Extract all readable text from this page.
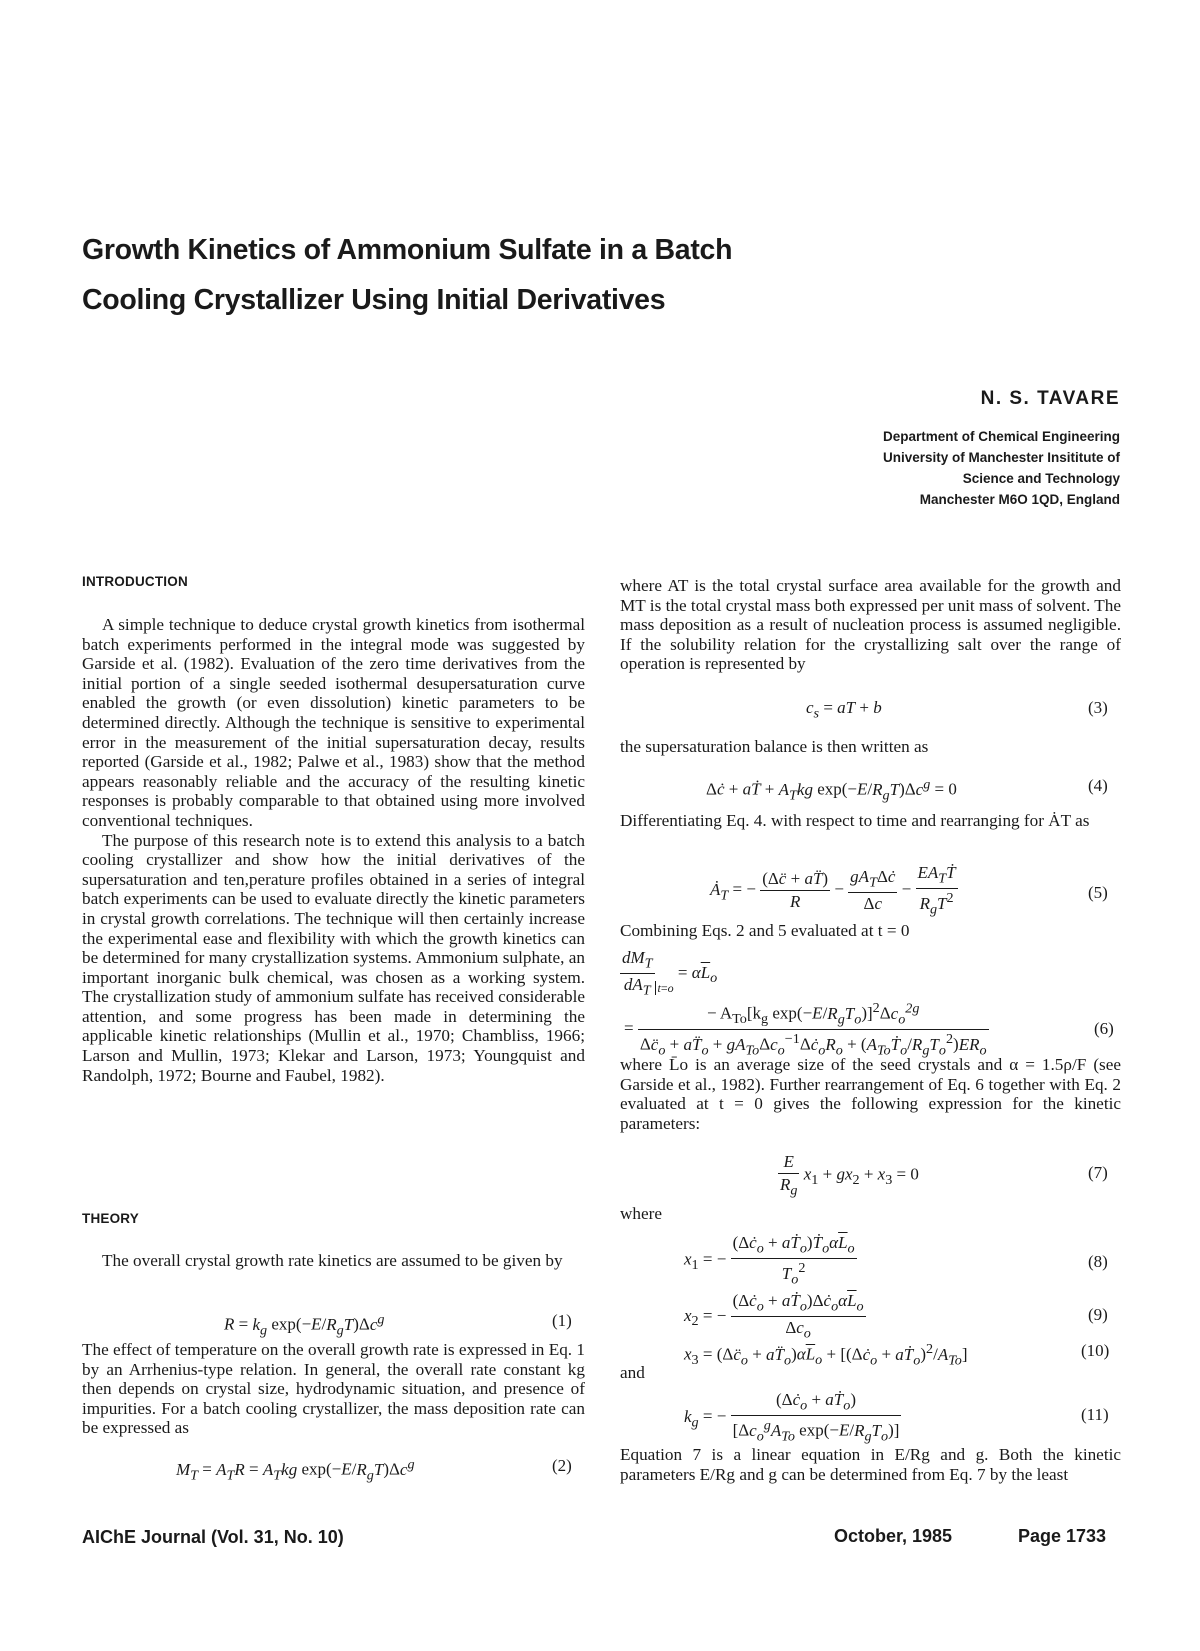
Growth Kinetics of Ammonium Sulfate in a Batch
Cooling Crystallizer Using Initial Derivatives
N. S. TAVARE
Department of Chemical Engineering
University of Manchester Insititute of
Science and Technology
Manchester M6O 1QD, England
INTRODUCTION

A simple technique to deduce crystal growth kinetics from isothermal batch experiments performed in the integral mode was suggested by Garside et al. (1982). Evaluation of the zero time derivatives from the initial portion of a single seeded isothermal desupersaturation curve enabled the growth (or even dissolution) kinetic parameters to be determined directly. Although the technique is sensitive to experimental error in the measurement of the initial supersaturation decay, results reported (Garside et al., 1982; Palwe et al., 1983) show that the method appears reasonably reliable and the accuracy of the resulting kinetic responses is probably comparable to that obtained using more involved conventional techniques.

The purpose of this research note is to extend this analysis to a batch cooling crystallizer and show how the initial derivatives of the supersaturation and ten,perature profiles obtained in a series of integral batch experiments can be used to evaluate directly the kinetic parameters in crystal growth correlations. The technique will then certainly increase the experimental ease and flexibility with which the growth kinetics can be determined for many crystallization systems. Ammonium sulphate, an important inorganic bulk chemical, was chosen as a working system. The crystallization study of ammonium sulfate has received considerable attention, and some progress has been made in determining the applicable kinetic relationships (Mullin et al., 1970; Chambliss, 1966; Larson and Mullin, 1973; Klekar and Larson, 1973; Youngquist and Randolph, 1972; Bourne and Faubel, 1982).

THEORY

The overall crystal growth rate kinetics are assumed to be given by

$R = k_g$ $\exp(-E/R_gT)\Delta c^g$	(1)

The effect of temperature on the overall growth rate is expressed in Eq. 1 by an Arrhenius-type relation. In general, the overall rate constant kg then depends on crystal size, hydrodynamic situation, and presence of impurities. For a batch cooling crystallizer, the mass deposition rate can be expressed as

$M_T = A_TR = A_Tkg$ $\exp(-E/R_gT)\Delta c^g$	(2)

where AT is the total crystal surface area available for the growth and MT is the total crystal mass both expressed per unit mass of solvent. The mass deposition as a result of nucleation process is assumed negligible. If the solubility relation for the crystallizing salt over the range of operation is represented by

$c_s$ = aT + b	(3)

the supersaturation balance is then written as

Δċ + aṪ + $A_Tkg$ $\exp(-E/R_gT)\Delta c^g = 0$	(4)

Differentiating Eq. 4. with respect to time and rearranging for ȦT as

$Ȧ_T$ = − $\frac{(\Delta c̈ + aT̈)}{R} - \frac{gA_T\Delta ċ}{\Delta c} - \frac{EA_TṪ}{R_gT^2}$	(5)

Combining Eqs. 2 and 5 evaluated at t = 0

$\frac{dM_T}{dA_T} _{t=o} = \alpha\overline{L}_o$
= $\frac{- A_{To}[k_g \exp(-E/R_gT_o)]^2\Delta c_o^{2g}}{\Delta c̈_o + aT̈_o + gA_{To}\Delta c_o^{-1}\Delta ċ_oR_o + (A_{To}Ṫ_o/R_gT_o^2)ER_o}$	(6)

where L̄o is an average size of the seed crystals and α = 1.5ρ/F (see Garside et al., 1982). Further rearrangement of Eq. 6 together with Eq. 2 evaluated at t = 0 gives the following expression for the kinetic parameters:

$\frac{E}{R_g} x_1 + gx_2 + x_3 = 0$	(7)

where

$x_1$ = − $\frac{(\Delta ċ_o + aṪ_o)Ṫ_o\alpha\overline{L}_o}{T_o^2}$	(8)
$x_2$ = − $\frac{(\Delta ċ_o + aṪ_o)\Delta ċ_o\alpha\overline{L}_o}{\Delta c_o}$	(9)
$x_3$ = ($\Delta c̈_o$ + $aT̈_o)\alpha\overline{L}_o$ + [($\Delta ċ_o$ + $aṪ_o)^2/A_{To}$]	(10)

and

$k_g$ = − $\frac{(\Delta ċ_o + aṪ_o)}{[\Delta c_o^gA_{To} \exp(-E/R_gT_o)]}$	(11)

Equation 7 is a linear equation in E/Rg and g. Both the kinetic parameters E/Rg and g can be determined from Eq. 7 by the least

AIChE Journal (Vol. 31, No. 10)	October, 1985	Page 1733
